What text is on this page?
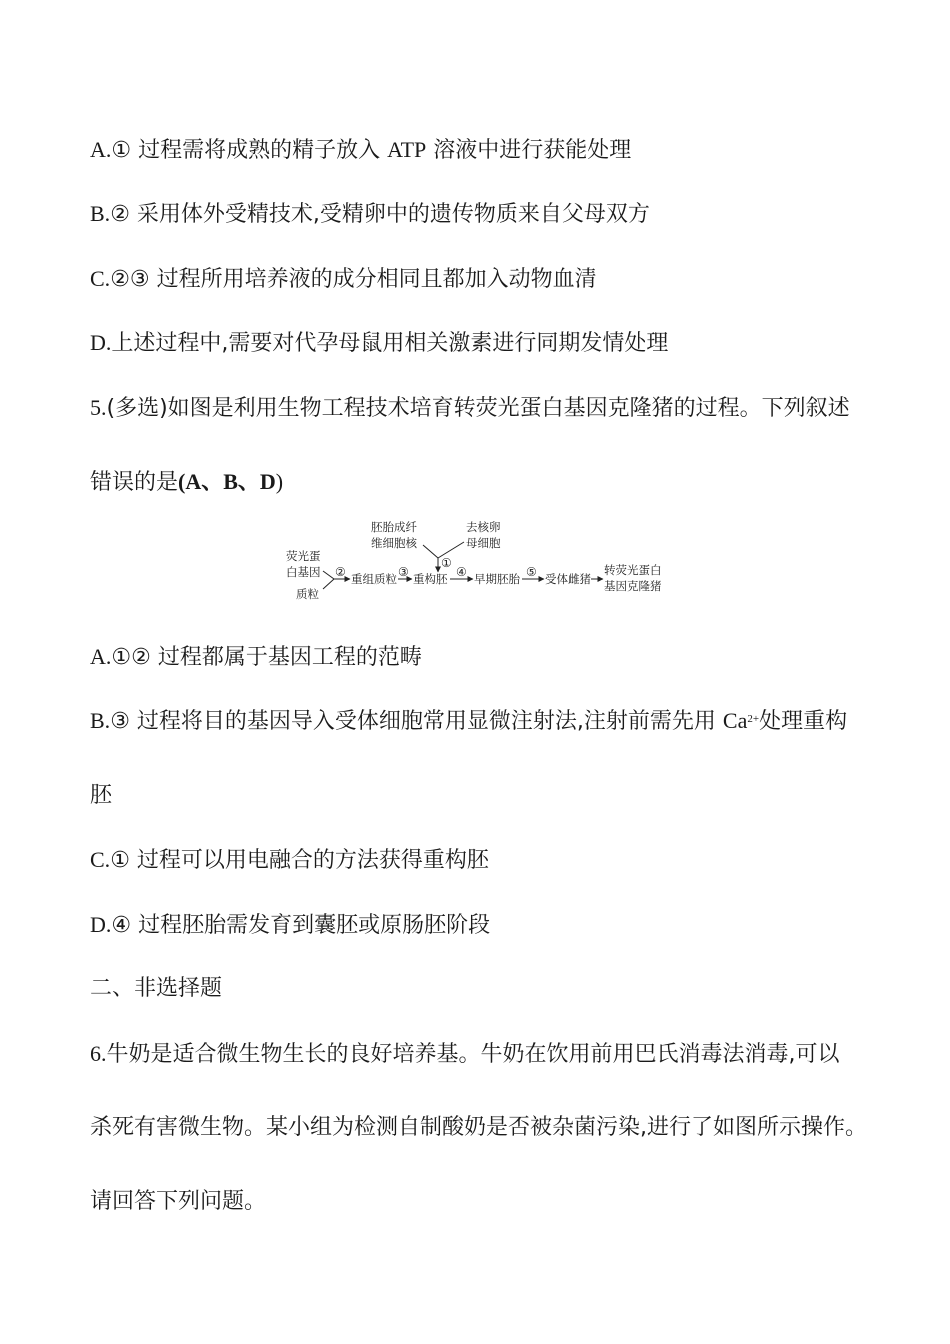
A.① 过程需将成熟的精子放入 ATP 溶液中进行获能处理
B.② 采用体外受精技术,受精卵中的遗传物质来自父母双方
C.②③ 过程所用培养液的成分相同且都加入动物血清
D.上述过程中,需要对代孕母鼠用相关激素进行同期发情处理
5.(多选)如图是利用生物工程技术培育转荧光蛋白基因克隆猪的过程。下列叙述
错误的是(A、B、D)
胚胎成纤
维细胞核
去核卵
母细胞
①
荧光蛋
白基因
质粒
② 重组质粒 ③ 重构胚 ④ 早期胚胎 ⑤ 受体雌猪
转荧光蛋白
基因克隆猪
A.①② 过程都属于基因工程的范畴
B.③ 过程将目的基因导入受体细胞常用显微注射法,注射前需先用 $Ca^{2+}$处理重构
胚
C.① 过程可以用电融合的方法获得重构胚
D.④ 过程胚胎需发育到囊胚或原肠胚阶段
二、非选择题
6.牛奶是适合微生物生长的良好培养基。牛奶在饮用前用巴氏消毒法消毒,可以
杀死有害微生物。某小组为检测自制酸奶是否被杂菌污染,进行了如图所示操作。
请回答下列问题。
